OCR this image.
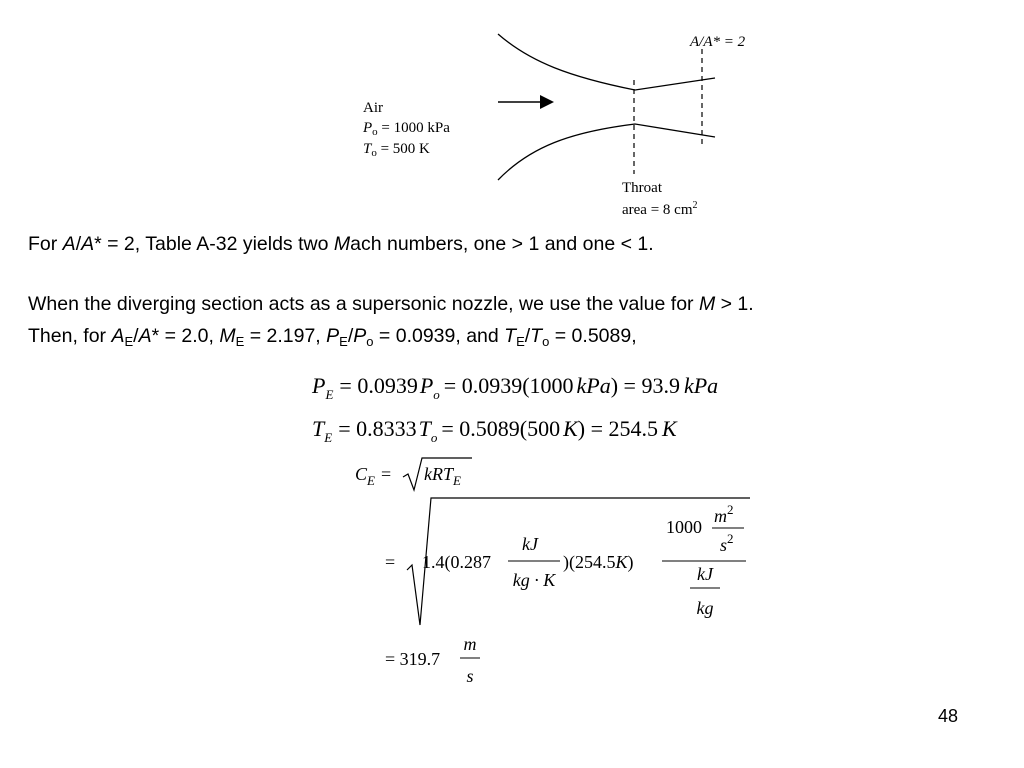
A/A* = 2
Air
$P_o = 1000$ kPa
$T_o = 500$ K
Throat
area = 8 $cm^2$
For A/A* = 2, Table A-32 yields two Mach numbers, one > 1 and one < 1.
When the diverging section acts as a supersonic nozzle, we use the value for M > 1.
Then, for $A_E/A* = 2.0$, $M_E = 2.197$, $P_E/P_o = 0.0939$, and $T_E/T_o = 0.5089$,
$P_E = 0.0939P_o = 0.0939(1000$ kPa) = 93.9 kPa
$T_E = 0.8333T_o = 0.5089(500$ K) = 254.5 K
$C_E$ = kRT$_E$
= 1.4(0.287
kJ
kg · K
)(254.5K)
1000
$m^2$
$s^2$
kJ
kg
= 319.7
m
s
48
